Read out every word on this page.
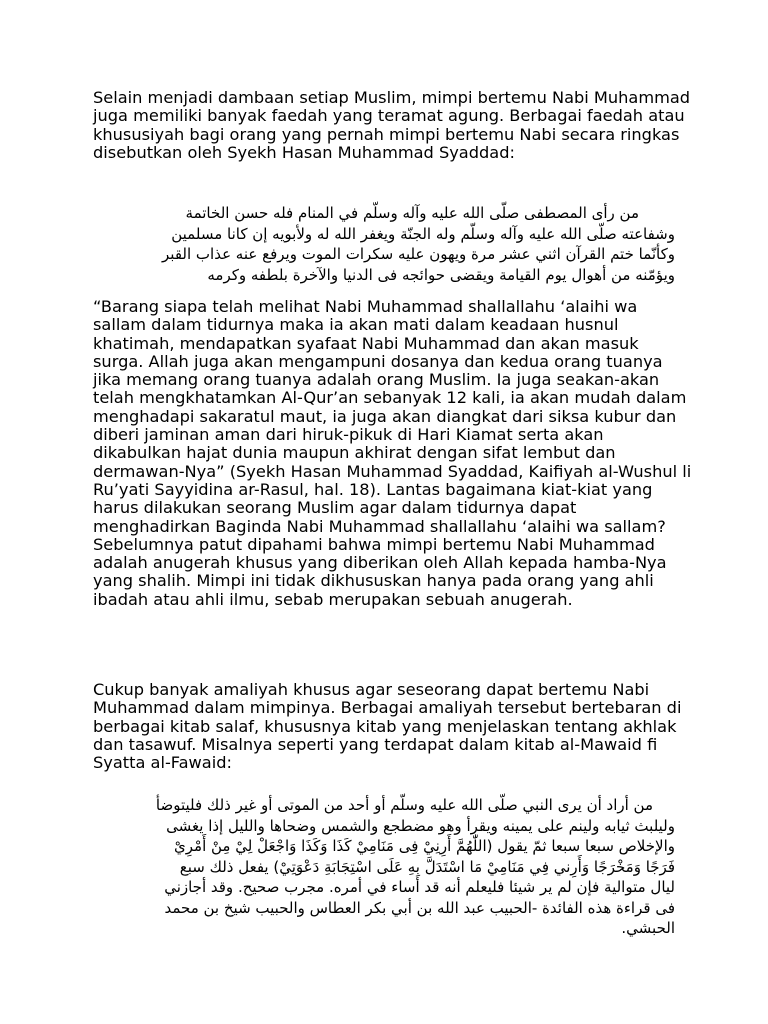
Selain menjadi dambaan setiap Muslim, mimpi bertemu Nabi Muhammad juga memiliki banyak faedah yang teramat agung. Berbagai faedah atau khususiyah bagi orang yang pernah mimpi bertemu Nabi secara ringkas disebutkan oleh Syekh Hasan Muhammad Syaddad:

من رأى المصطفى صلّى الله عليه وآله وسلّم في المنام فله حسن الخاتمة
وشفاعته صلّى الله عليه وآله وسلّم وله الجنّة ويغفر الله له ولأبويه إن كانا مسلمين
وكأنّما ختم القرآن اثني عشر مرة ويهون عليه سكرات الموت ويرفع عنه عذاب القبر
ويؤمّنه من أهوال يوم القيامة ويقضى حوائجه فى الدنيا والآخرة بلطفه وكرمه

“Barang siapa telah melihat Nabi Muhammad shallallahu ‘alaihi wa sallam dalam tidurnya maka ia akan mati dalam keadaan husnul khatimah, mendapatkan syafaat Nabi Muhammad dan akan masuk surga. Allah juga akan mengampuni dosanya dan kedua orang tuanya jika memang orang tuanya adalah orang Muslim. Ia juga seakan-akan telah mengkhatamkan Al-Qur’an sebanyak 12 kali, ia akan mudah dalam menghadapi sakaratul maut, ia juga akan diangkat dari siksa kubur dan diberi jaminan aman dari hiruk-pikuk di Hari Kiamat serta akan dikabulkan hajat dunia maupun akhirat dengan sifat lembut dan dermawan-Nya” (Syekh Hasan Muhammad Syaddad, Kaifiyah al-Wushul li Ru’yati Sayyidina ar-Rasul, hal. 18). Lantas bagaimana kiat-kiat yang harus dilakukan seorang Muslim agar dalam tidurnya dapat menghadirkan Baginda Nabi Muhammad shallallahu ‘alaihi wa sallam? Sebelumnya patut dipahami bahwa mimpi bertemu Nabi Muhammad adalah anugerah khusus yang diberikan oleh Allah kepada hamba-Nya yang shalih. Mimpi ini tidak dikhususkan hanya pada orang yang ahli ibadah atau ahli ilmu, sebab merupakan sebuah anugerah.

Cukup banyak amaliyah khusus agar seseorang dapat bertemu Nabi Muhammad dalam mimpinya. Berbagai amaliyah tersebut bertebaran di berbagai kitab salaf, khususnya kitab yang menjelaskan tentang akhlak dan tasawuf. Misalnya seperti yang terdapat dalam kitab al-Mawaid fi Syatta al-Fawaid:

من أراد أن يرى النبي صلّى الله عليه وسلّم أو أحد من الموتى أو غير ذلك فليتوضأ
وليلبث ثيابه ولينم على يمينه ويقرأ وهو مضطجع والشمس وضحاها والليل إذا يغشى
والإخلاص سبعا سبعا ثمّ يقول (اللّٰهُمَّ أَرِنِيْ فِى مَنَامِيْ كَذَا وَكَذَا وَاجْعَلْ لِيْ مِنْ أَمْرِيْ
فَرَجًا وَمَخْرَجًا وَأَرِني فِي مَنَامِيْ مَا اسْتَدَلَّ بِهِ عَلَى اسْتِجَابَةِ دَعْوَتِيْ) يفعل ذلك سبع
ليال متوالية فإن لم ير شيئا فليعلم أنه قد أساء في أمره. مجرب صحيح. وقد أجازني
فى قراءة هذه الفائدة -الحبيب عبد الله بن أبي بكر العطاس والحبيب شيخ بن محمد
الحبشي.
